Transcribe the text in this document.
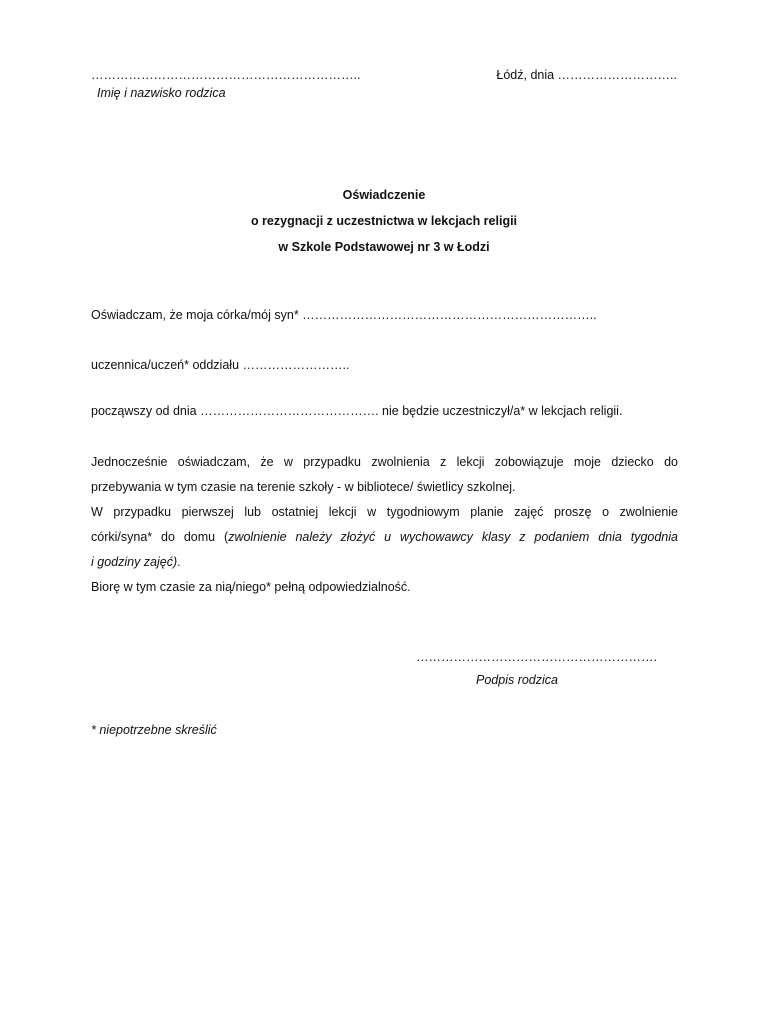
………………………………………………………..
Imię i nazwisko rodzica
Łódź, dnia ………………………..
Oświadczenie
o rezygnacji z uczestnictwa w lekcjach religii
w Szkole Podstawowej nr 3 w Łodzi
Oświadczam, że moja córka/mój syn* ……………………………………………………………..
uczennica/uczeń* oddziału ……………………..
począwszy od dnia ……………………………………. nie będzie uczestniczył/a* w lekcjach religii.
Jednocześnie oświadczam, że w przypadku zwolnienia z lekcji zobowiązuje moje dziecko do
przebywania w tym czasie na terenie szkoły - w bibliotece/ świetlicy szkolnej.
W przypadku pierwszej lub ostatniej lekcji w tygodniowym planie zajęć proszę o zwolnienie
córki/syna* do domu (zwolnienie należy złożyć u wychowawcy klasy z podaniem dnia tygodnia
i godziny zajęć).
Biorę w tym czasie za nią/niego* pełną odpowiedzialność.
………………………………………………….
Podpis rodzica
* niepotrzebne skreślić
